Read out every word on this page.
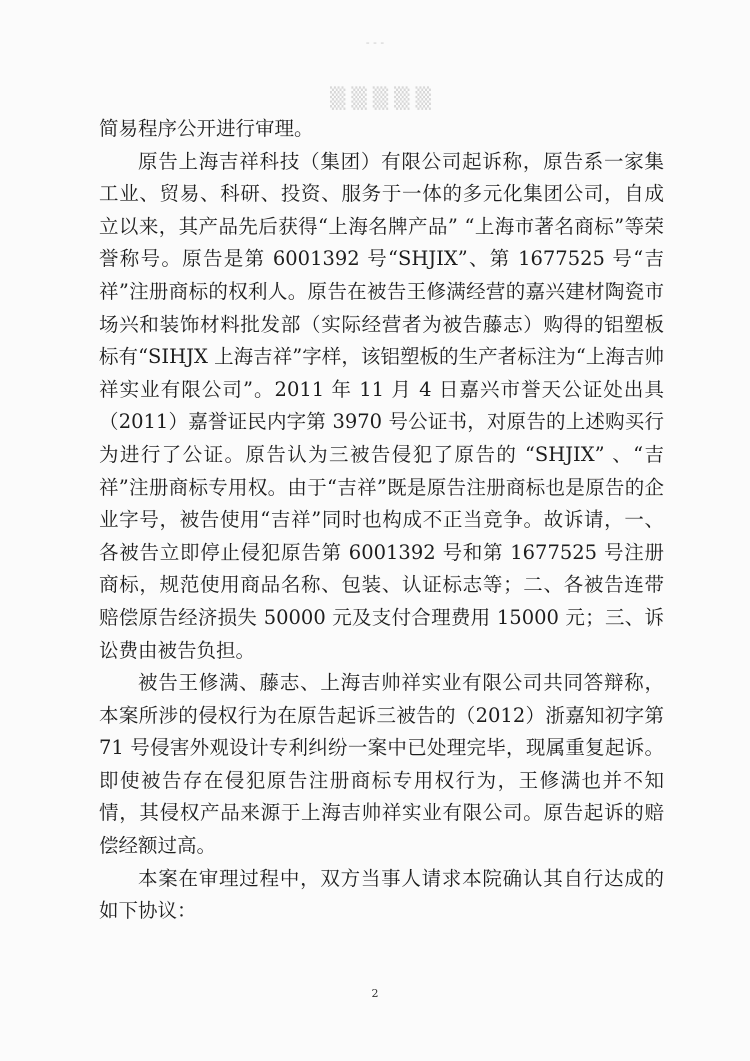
- - -
▒▒▒▒▒

简易程序公开进行审理。

原告上海吉祥科技（集团）有限公司起诉称，原告系一家集工业、贸易、科研、投资、服务于一体的多元化集团公司，自成立以来，其产品先后获得“上海名牌产品” “上海市著名商标”等荣誉称号。原告是第 6001392 号“SHJIX”、第 1677525 号“吉祥”注册商标的权利人。原告在被告王修满经营的嘉兴建材陶瓷市场兴和装饰材料批发部（实际经营者为被告藤志）购得的铝塑板标有“SIHJX 上海吉祥”字样，该铝塑板的生产者标注为“上海吉帅祥实业有限公司”。2011 年 11 月 4 日嘉兴市誉天公证处出具（2011）嘉誉证民内字第 3970 号公证书，对原告的上述购买行为进行了公证。原告认为三被告侵犯了原告的 “SHJIX” 、“吉祥”注册商标专用权。由于“吉祥”既是原告注册商标也是原告的企业字号，被告使用“吉祥”同时也构成不正当竞争。故诉请，一、各被告立即停止侵犯原告第 6001392 号和第 1677525 号注册商标，规范使用商品名称、包装、认证标志等；二、各被告连带赔偿原告经济损失 50000 元及支付合理费用 15000 元；三、诉讼费由被告负担。

被告王修满、藤志、上海吉帅祥实业有限公司共同答辩称，本案所涉的侵权行为在原告起诉三被告的（2012）浙嘉知初字第 71 号侵害外观设计专利纠纷一案中已处理完毕，现属重复起诉。即使被告存在侵犯原告注册商标专用权行为，王修满也并不知情，其侵权产品来源于上海吉帅祥实业有限公司。原告起诉的赔偿经额过高。

本案在审理过程中，双方当事人请求本院确认其自行达成的如下协议：

2
